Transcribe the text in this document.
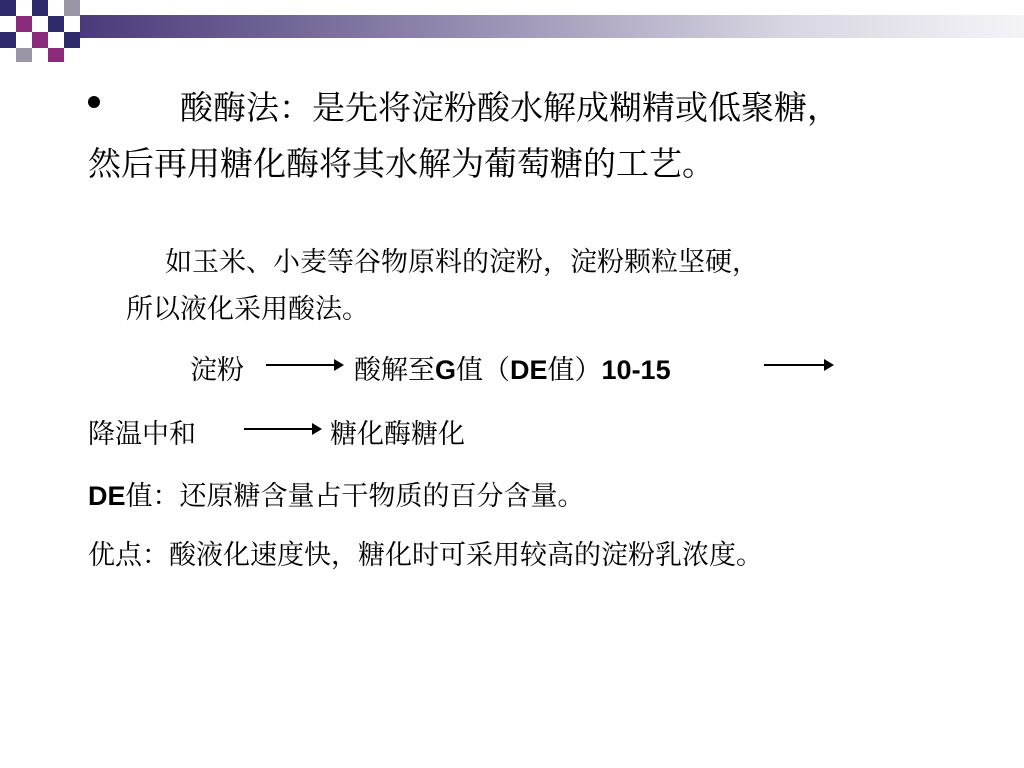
酸酶法：是先将淀粉酸水解成糊精或低聚糖，
然后再用糖化酶将其水解为葡萄糖的工艺。
如玉米、小麦等谷物原料的淀粉，淀粉颗粒坚硬，
所以液化采用酸法。
淀粉	酸解至G值（DE值）10-15
降温中和	糖化酶糖化
DE值：还原糖含量占干物质的百分含量。
优点：酸液化速度快，糖化时可采用较高的淀粉乳浓度。
